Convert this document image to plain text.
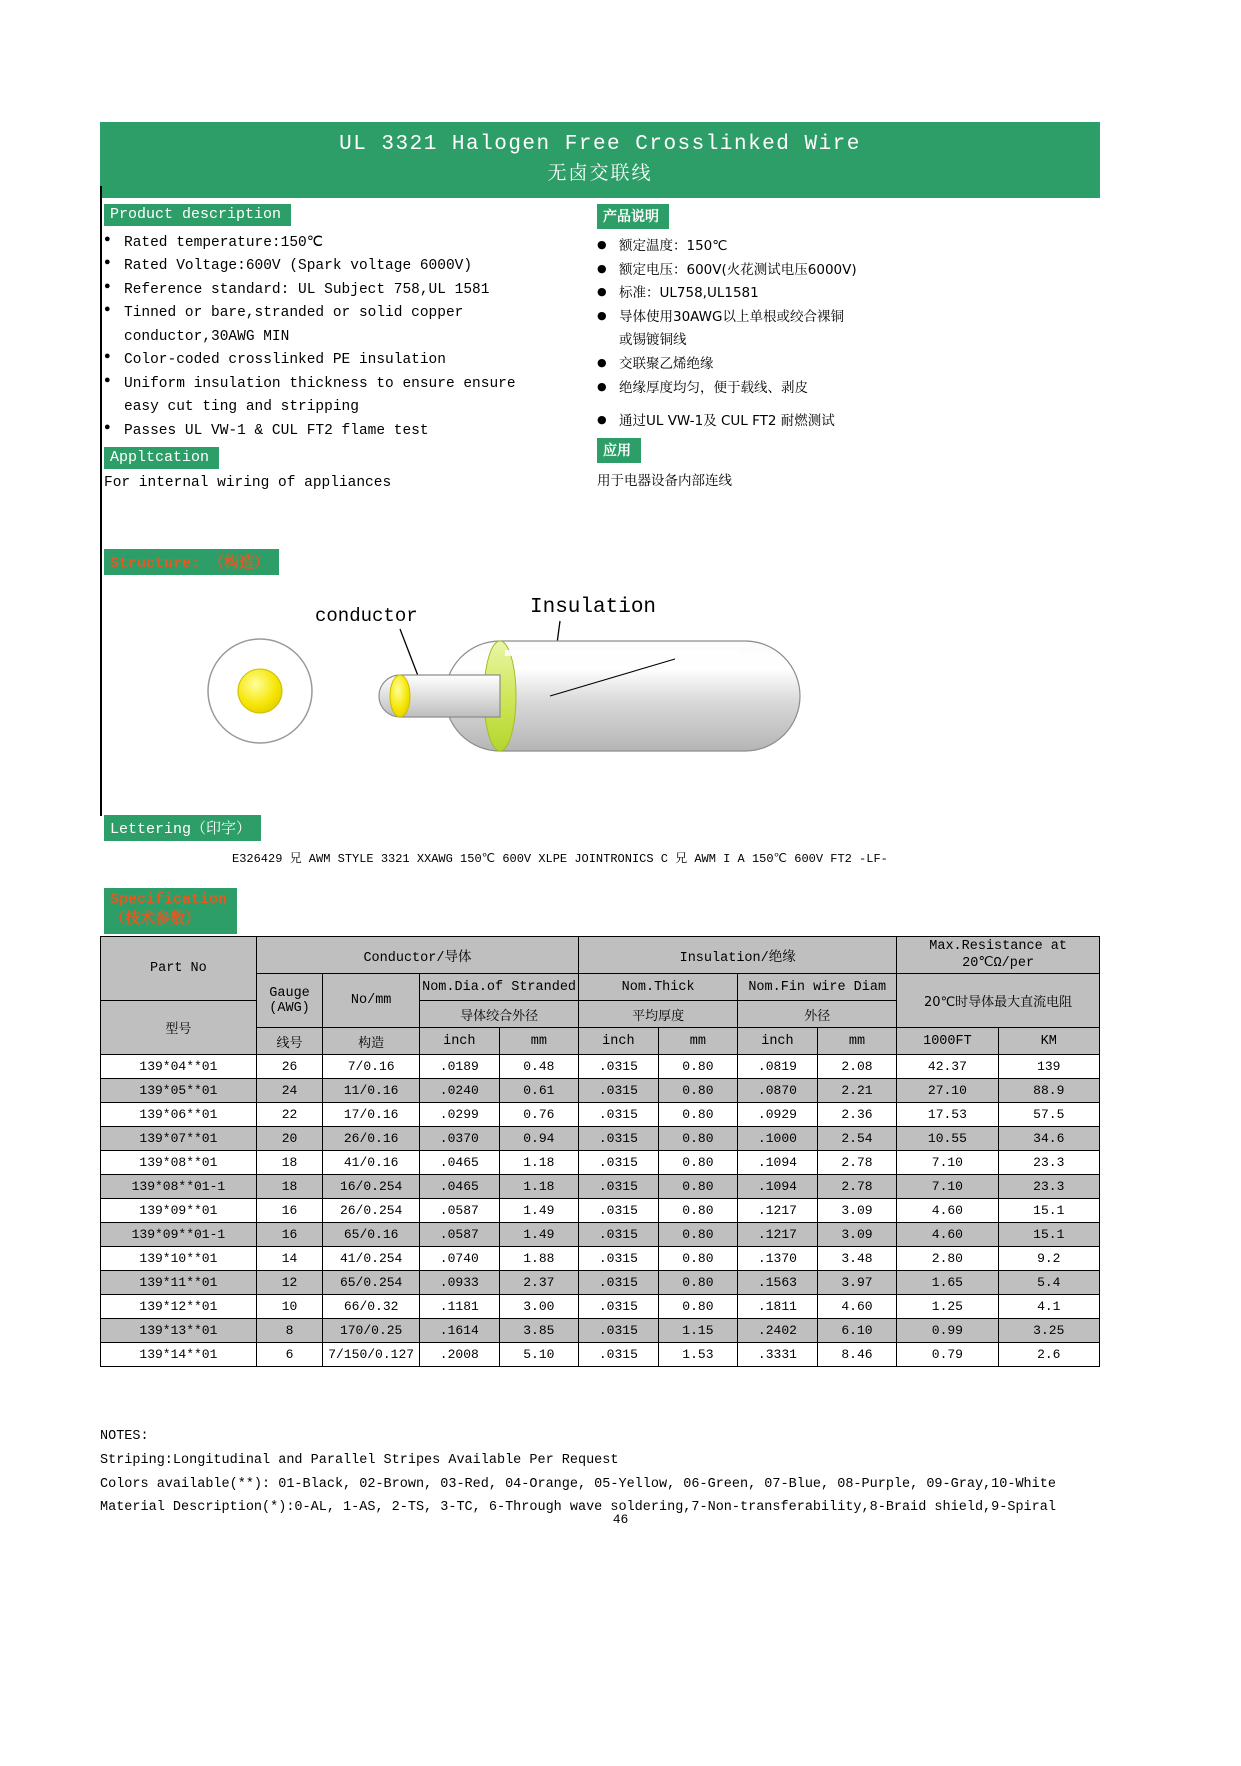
UL 3321 Halogen Free Crosslinked Wire
无卤交联线
Product description
● Rated temperature:150℃
● Rated Voltage:600V (Spark voltage 6000V)
● Reference standard: UL Subject 758,UL 1581
● Tinned or bare,stranded or solid copper
conductor,30AWG MIN
● Color-coded crosslinked PE insulation
● Uniform insulation thickness to ensure ensure
easy cut ting and stripping
● Passes UL VW-1 & CUL FT2 flame test
Appltcation
For internal wiring of appliances
产品说明
● 额定温度：150℃
● 额定电压：600V(火花测试电压6000V)
● 标准：UL758,UL1581
● 导体使用30AWG以上单根或绞合裸铜
或锡镀铜线
● 交联聚乙烯绝缘
● 绝缘厚度均匀，便于载线、剥皮
● 通过UL VW-1及 CUL FT2 耐燃测试
应用
用于电器设备内部连线
Structure: （构造）
conductor	Insulation
Lettering（印字）
E326429 兄 AWM STYLE 3321 XXAWG 150℃ 600V XLPE JOINTRONICS C 兄 AWM I A 150℃ 600V FT2 -LF-
Specification
（技术参数）
Part No	Conductor/导体				Insulation/绝缘				Max.Resistance at 20℃Ω/per	

	Gauge (AWG)	No/mm	Nom.Dia.of Stranded		Nom.Thick		Nom.Fin wire Diam		20℃时导体最大直流电阻	
型号			导体绞合外径		平均厚度		外径			
	线号	构造	inch	mm	inch	mm	inch	mm	1000FT	KM
139*04**01	26	7/0.16	.0189	0.48	.0315	0.80	.0819	2.08	42.37	139
139*05**01	24	11/0.16	.0240	0.61	.0315	0.80	.0870	2.21	27.10	88.9
139*06**01	22	17/0.16	.0299	0.76	.0315	0.80	.0929	2.36	17.53	57.5
139*07**01	20	26/0.16	.0370	0.94	.0315	0.80	.1000	2.54	10.55	34.6
139*08**01	18	41/0.16	.0465	1.18	.0315	0.80	.1094	2.78	7.10	23.3
139*08**01-1	18	16/0.254	.0465	1.18	.0315	0.80	.1094	2.78	7.10	23.3
139*09**01	16	26/0.254	.0587	1.49	.0315	0.80	.1217	3.09	4.60	15.1
139*09**01-1	16	65/0.16	.0587	1.49	.0315	0.80	.1217	3.09	4.60	15.1
139*10**01	14	41/0.254	.0740	1.88	.0315	0.80	.1370	3.48	2.80	9.2
139*11**01	12	65/0.254	.0933	2.37	.0315	0.80	.1563	3.97	1.65	5.4
139*12**01	10	66/0.32	.1181	3.00	.0315	0.80	.1811	4.60	1.25	4.1
139*13**01	8	170/0.25	.1614	3.85	.0315	1.15	.2402	6.10	0.99	3.25
139*14**01	6	7/150/0.127	.2008	5.10	.0315	1.53	.3331	8.46	0.79	2.6
NOTES:
Striping:Longitudinal and Parallel Stripes Available Per Request
Colors available(**): 01-Black, 02-Brown, 03-Red, 04-Orange, 05-Yellow, 06-Green, 07-Blue, 08-Purple, 09-Gray,10-White
Material Description(*):0-AL, 1-AS, 2-TS, 3-TC, 6-Through wave soldering,7-Non-transferability,8-Braid shield,9-Spiral
46
